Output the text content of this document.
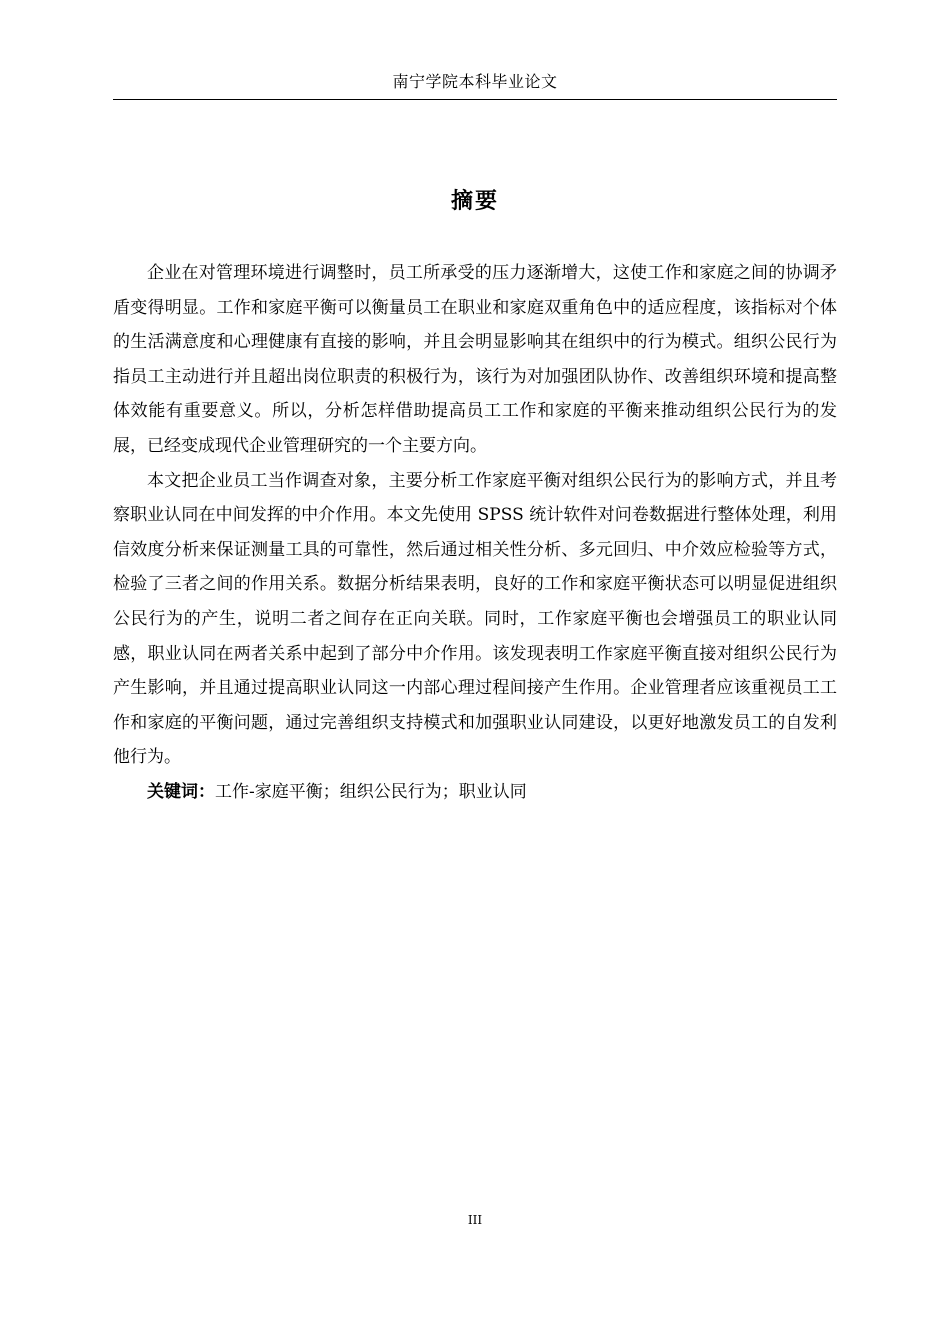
南宁学院本科毕业论文
摘要

企业在对管理环境进行调整时，员工所承受的压力逐渐增大，这使工作和家庭之间的协调矛盾变得明显。工作和家庭平衡可以衡量员工在职业和家庭双重角色中的适应程度，该指标对个体的生活满意度和心理健康有直接的影响，并且会明显影响其在组织中的行为模式。组织公民行为指员工主动进行并且超出岗位职责的积极行为，该行为对加强团队协作、改善组织环境和提高整体效能有重要意义。所以，分析怎样借助提高员工工作和家庭的平衡来推动组织公民行为的发展，已经变成现代企业管理研究的一个主要方向。

本文把企业员工当作调查对象，主要分析工作家庭平衡对组织公民行为的影响方式，并且考察职业认同在中间发挥的中介作用。本文先使用 SPSS 统计软件对问卷数据进行整体处理，利用信效度分析来保证测量工具的可靠性，然后通过相关性分析、多元回归、中介效应检验等方式，检验了三者之间的作用关系。数据分析结果表明，良好的工作和家庭平衡状态可以明显促进组织公民行为的产生，说明二者之间存在正向关联。同时，工作家庭平衡也会增强员工的职业认同感，职业认同在两者关系中起到了部分中介作用。该发现表明工作家庭平衡直接对组织公民行为产生影响，并且通过提高职业认同这一内部心理过程间接产生作用。企业管理者应该重视员工工作和家庭的平衡问题，通过完善组织支持模式和加强职业认同建设，以更好地激发员工的自发利他行为。

关键词：工作-家庭平衡；组织公民行为；职业认同

III
